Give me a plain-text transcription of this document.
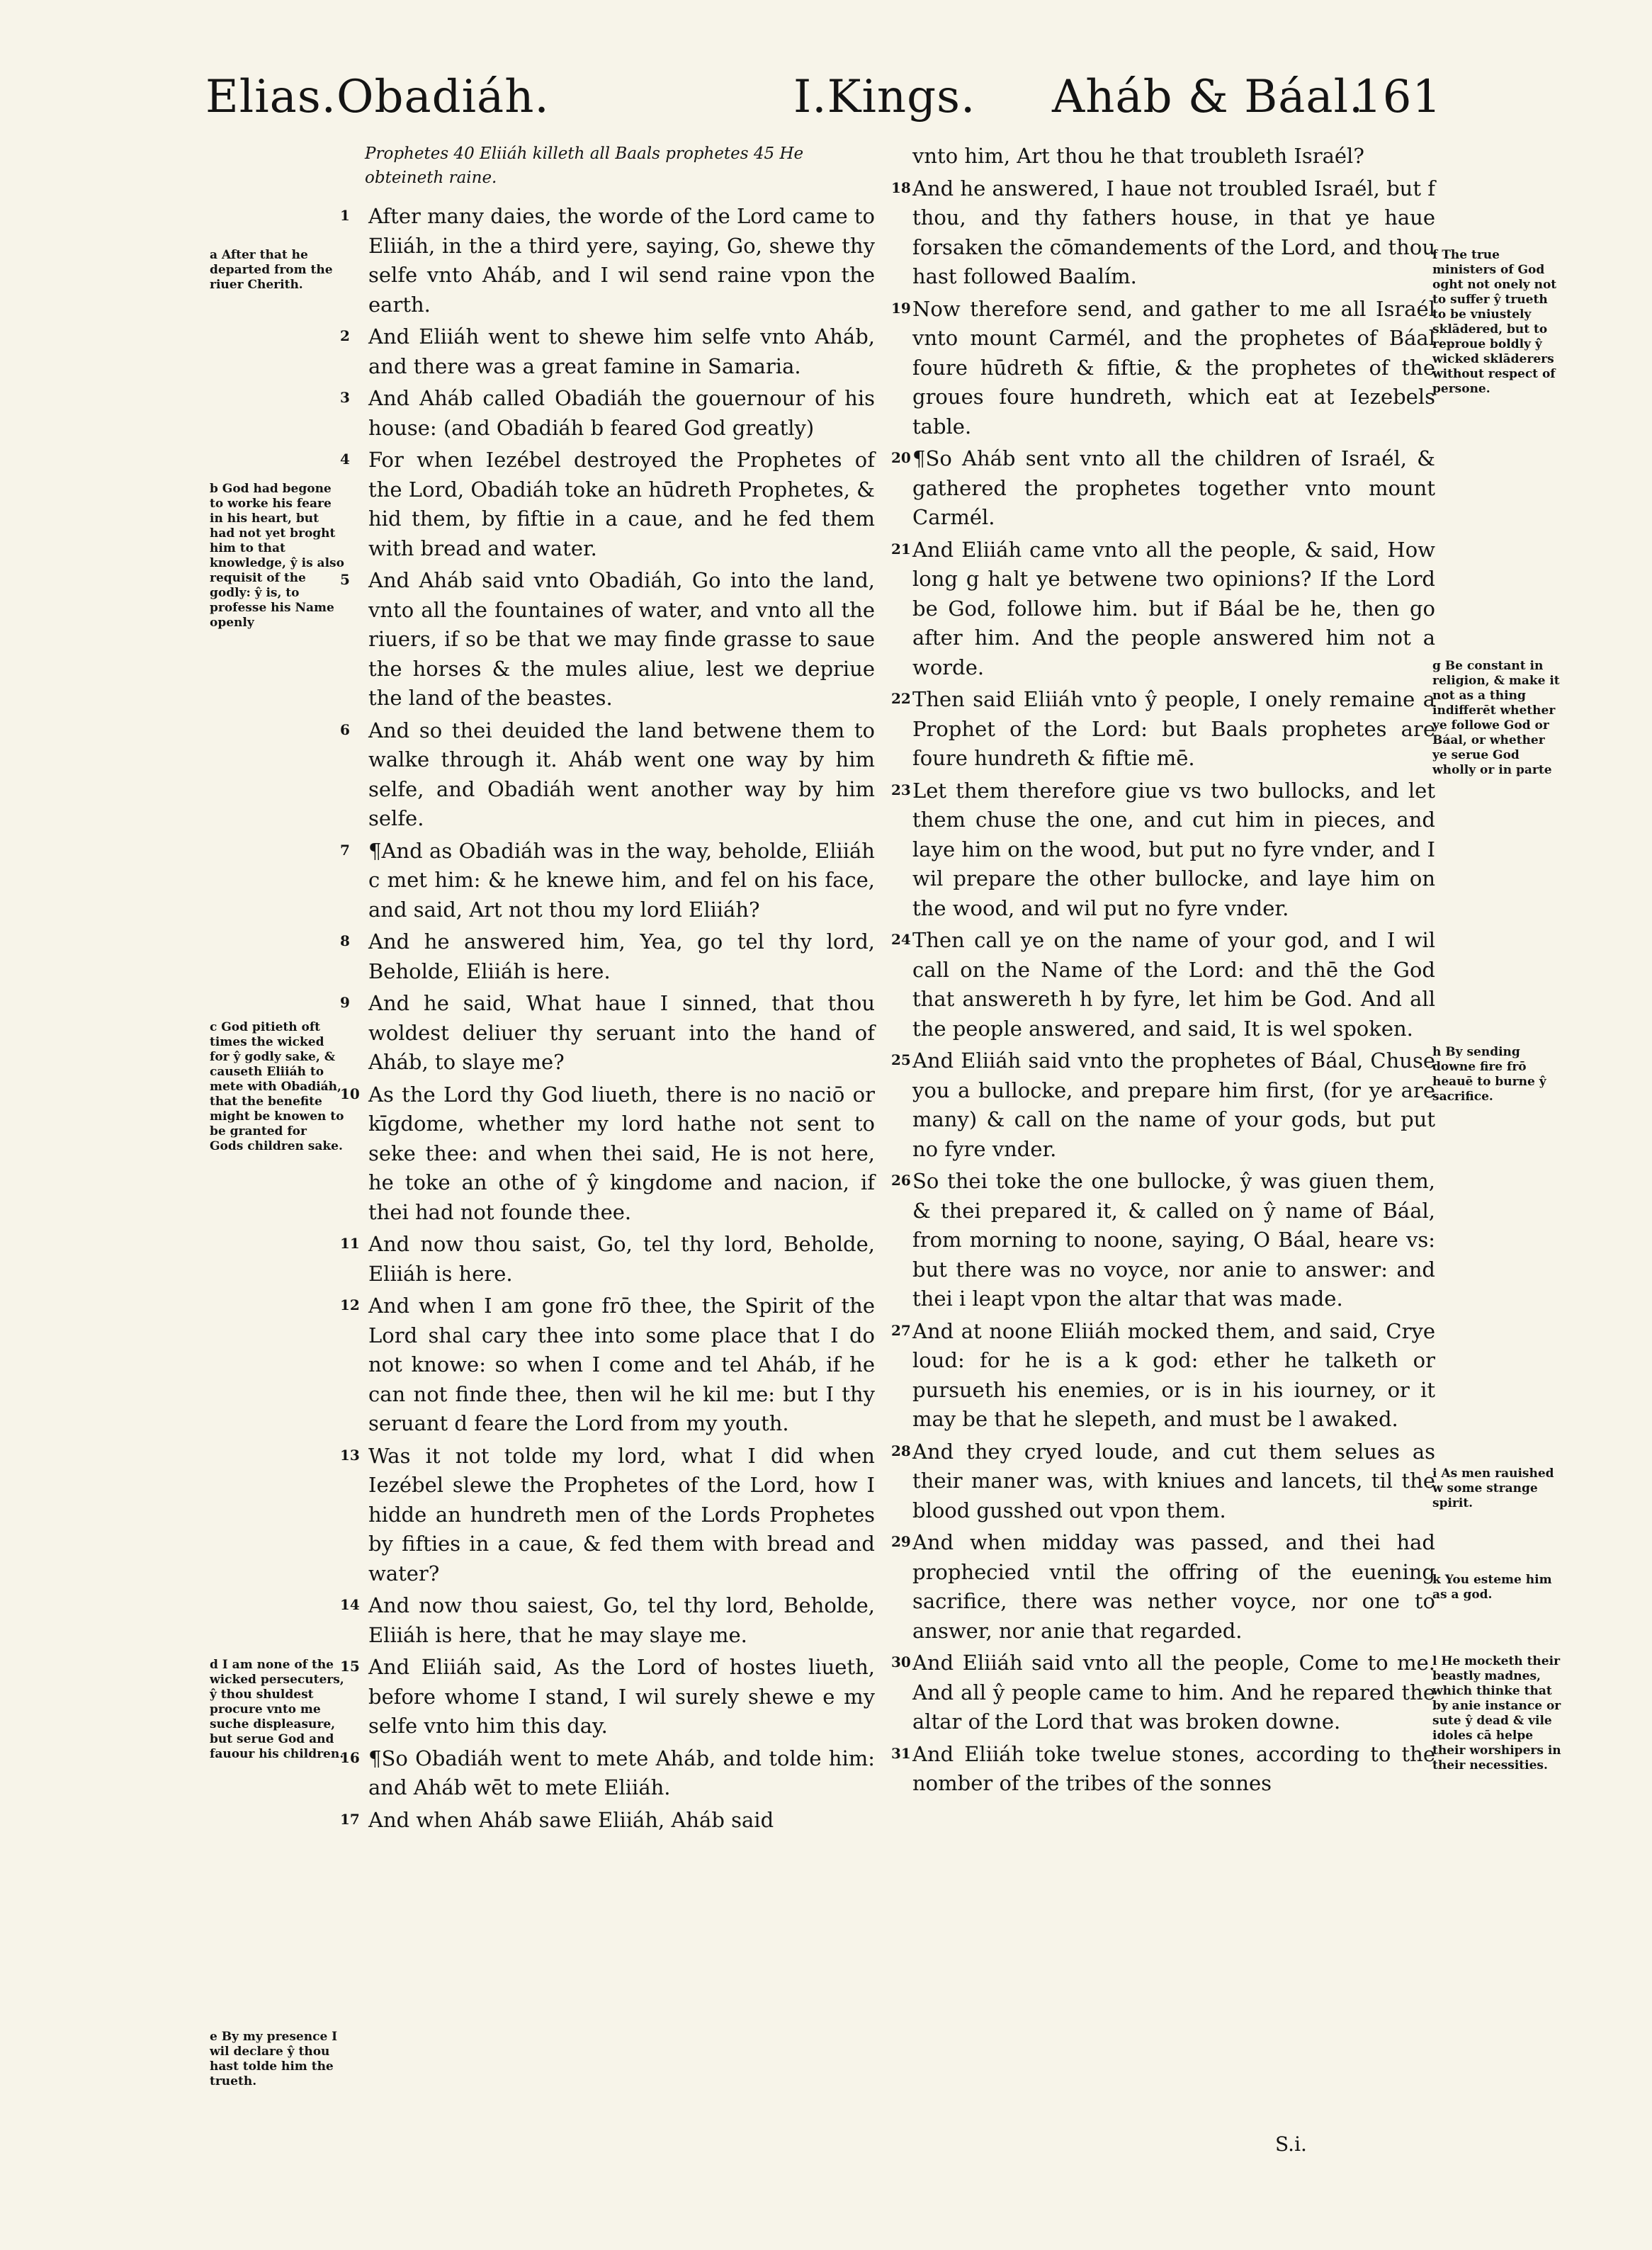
Elias.Obadiáh.	I.Kings. Aháb & Báal.
161

Prophetes 40 Eliiáh killeth all Baals prophetes 45 He obteineth raine.

1 After many daies, the worde of the Lord came to Eliiáh, in the a third yere, saying, Go, shewe thy selfe vnto Aháb, and I wil send raine vpon the earth.
2 And Eliiáh went to shewe him selfe vnto Aháb, and there was a great famine in Samaria.
3 And Aháb called Obadiáh the gouernour of his house: (and Obadiáh b feared God greatly)
4 For when Iezébel destroyed the Prophetes of the Lord, Obadiáh toke an hūdreth Prophetes, & hid them, by fiftie in a caue, and he fed them with bread and water.
5 And Aháb said vnto Obadiáh, Go into the land, vnto all the fountaines of water, and vnto all the riuers, if so be that we may finde grasse to saue the horses & the mules aliue, lest we depriue the land of the beastes.
6 And so thei deuided the land betwene them to walke through it. Aháb went one way by him selfe, and Obadiáh went another way by him selfe.
7 ¶And as Obadiáh was in the way, beholde, Eliiáh c met him: & he knewe him, and fel on his face, and said, Art not thou my lord Eliiáh?
8 And he answered him, Yea, go tel thy lord, Beholde, Eliiáh is here.
9 And he said, What haue I sinned, that thou woldest deliuer thy seruant into the hand of Aháb, to slaye me?
10 As the Lord thy God liueth, there is no naciō or kīgdome, whether my lord hathe not sent to seke thee: and when thei said, He is not here, he toke an othe of ŷ kingdome and nacion, if thei had not founde thee.
11 And now thou saist, Go, tel thy lord, Beholde, Eliiáh is here.
12 And when I am gone frō thee, the Spirit of the Lord shal cary thee into some place that I do not knowe: so when I come and tel Aháb, if he can not finde thee, then wil he kil me: but I thy seruant d feare the Lord from my youth.
13 Was it not tolde my lord, what I did when Iezébel slewe the Prophetes of the Lord, how I hidde an hundreth men of the Lords Prophetes by fifties in a caue, & fed them with bread and water?
14 And now thou saiest, Go, tel thy lord, Beholde, Eliiáh is here, that he may slaye me.
15 And Eliiáh said, As the Lord of hostes liueth, before whome I stand, I wil surely shewe e my selfe vnto him this day.
16 ¶So Obadiáh went to mete Aháb, and tolde him: and Aháb wēt to mete Eliiáh.
17 And when Aháb sawe Eliiáh, Aháb said
vnto him, Art thou he that troubleth Israél?
18 And he answered, I haue not troubled Israél, but f thou, and thy fathers house, in that ye haue forsaken the cōmandements of the Lord, and thou hast followed Baalím.
19 Now therefore send, and gather to me all Israél vnto mount Carmél, and the prophetes of Báal foure hūdreth & fiftie, & the prophetes of the groues foure hundreth, which eat at Iezebels table.
20 ¶So Aháb sent vnto all the children of Israél, & gathered the prophetes together vnto mount Carmél.
21 And Eliiáh came vnto all the people, & said, How long g halt ye betwene two opinions? If the Lord be God, followe him. but if Báal be he, then go after him. And the people answered him not a worde.
22 Then said Eliiáh vnto ŷ people, I onely remaine a Prophet of the Lord: but Baals prophetes are foure hundreth & fiftie mē.
23 Let them therefore giue vs two bullocks, and let them chuse the one, and cut him in pieces, and laye him on the wood, but put no fyre vnder, and I wil prepare the other bullocke, and laye him on the wood, and wil put no fyre vnder.
24 Then call ye on the name of your god, and I wil call on the Name of the Lord: and thē the God that answereth h by fyre, let him be God. And all the people answered, and said, It is wel spoken.
25 And Eliiáh said vnto the prophetes of Báal, Chuse you a bullocke, and prepare him first, (for ye are many) & call on the name of your gods, but put no fyre vnder.
26 So thei toke the one bullocke, ŷ was giuen them, & thei prepared it, & called on ŷ name of Báal, from morning to noone, saying, O Báal, heare vs: but there was no voyce, nor anie to answer: and thei i leapt vpon the altar that was made.
27 And at noone Eliiáh mocked them, and said, Crye loud: for he is a k god: ether he talketh or pursueth his enemies, or is in his iourney, or it may be that he slepeth, and must be l awaked.
28 And they cryed loude, and cut them selues as their maner was, with kniues and lancets, til the blood gusshed out vpon them.
29 And when midday was passed, and thei had prophecied vntil the offring of the euening sacrifice, there was nether voyce, nor one to answer, nor anie that regarded.
30 And Eliiáh said vnto all the people, Come to me. And all ŷ people came to him. And he repared the altar of the Lord that was broken downe.
31 And Eliiáh toke twelue stones, according to the nomber of the tribes of the sonnes

a After that he departed from the riuer Cherith.

b God had begone to worke his feare in his heart, but had not yet broght him to that knowledge, ŷ is also requisit of the godly: ŷ is, to professe his Name openly

c God pitieth oft times the wicked for ŷ godly sake, & causeth Eliiáh to mete with Obadiáh, that the benefite might be knowen to be granted for Gods children sake.

d I am none of the wicked persecuters, ŷ thou shuldest procure vnto me suche displeasure, but serue God and fauour his children.

e By my presence I wil declare ŷ thou hast tolde him the trueth.

f The true ministers of God oght not onely not to suffer ŷ trueth to be vniustely sklādered, but to reproue boldly ŷ wicked sklāderers without respect of persone.

g Be constant in religion, & make it not as a thing indifferēt whether ye followe God or Báal, or whether ye serue God wholly or in parte

h By sending downe fire frō heauē to burne ŷ sacrifice.

i As men rauished w some strange spirit.

k You esteme him as a god.

l He mocketh their beastly madnes, which thinke that by anie instance or sute ŷ dead & vile idoles cā helpe their worshipers in their necessities.

S.i.
